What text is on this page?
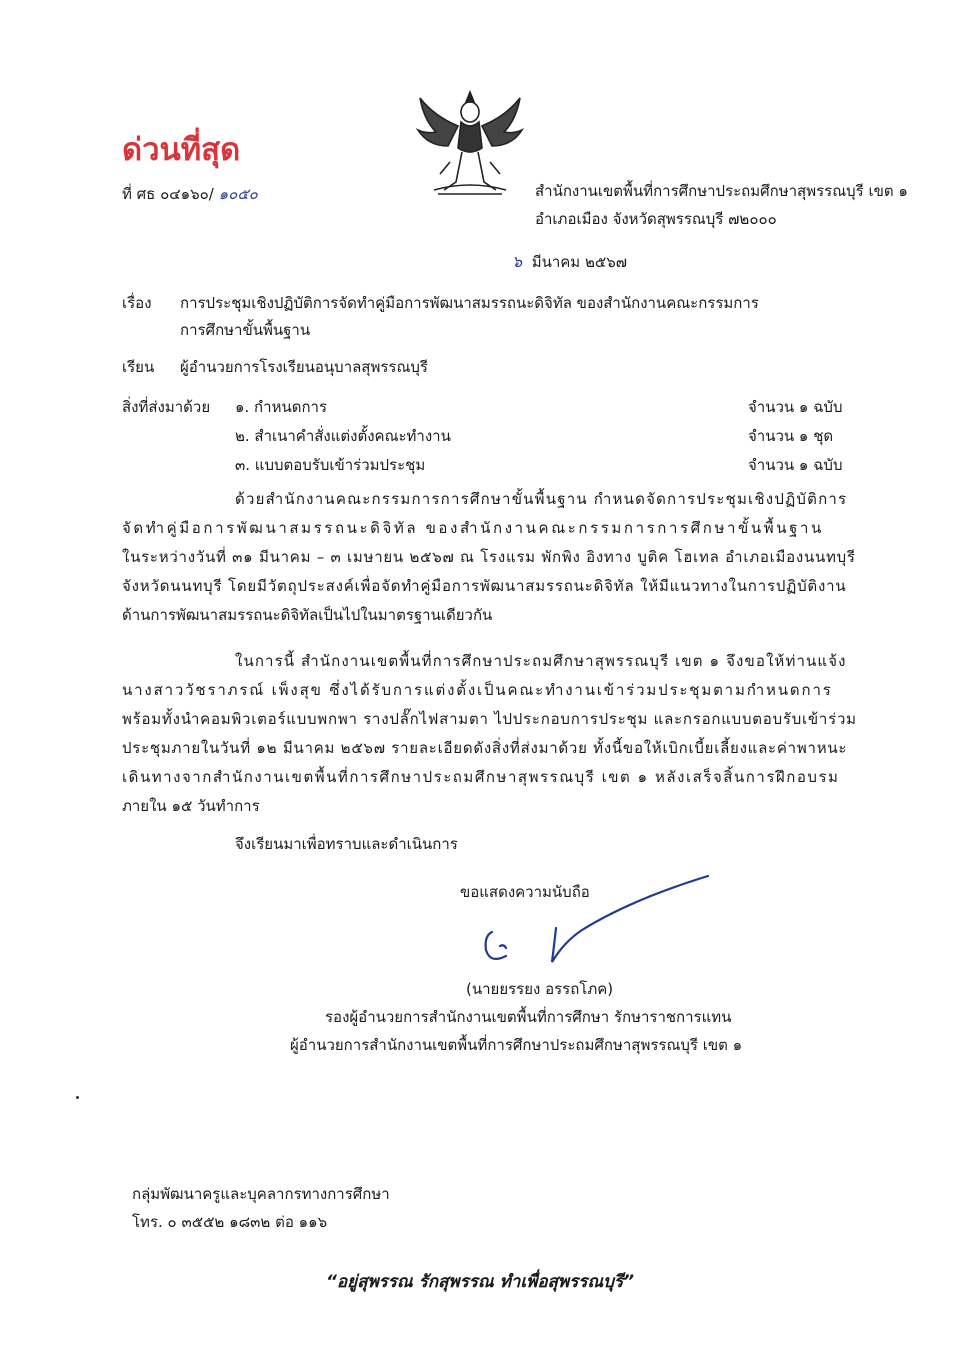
ด่วนที่สุด
ที่ ศธ ๐๔๑๖๐/ ๑๐๕๐	สำนักงานเขตพื้นที่การศึกษาประถมศึกษาสุพรรณบุรี เขต ๑
อำเภอเมือง จังหวัดสุพรรณบุรี ๗๒๐๐๐
๖ มีนาคม ๒๕๖๗
เรื่อง การประชุมเชิงปฏิบัติการจัดทำคู่มือการพัฒนาสมรรถนะดิจิทัล ของสำนักงานคณะกรรมการ
การศึกษาขั้นพื้นฐาน
เรียน ผู้อำนวยการโรงเรียนอนุบาลสุพรรณบุรี
สิ่งที่ส่งมาด้วย ๑. กำหนดการ	จำนวน ๑ ฉบับ
๒. สำเนาคำสั่งแต่งตั้งคณะทำงาน	จำนวน ๑ ชุด
๓. แบบตอบรับเข้าร่วมประชุม	จำนวน ๑ ฉบับ
ด้วยสำนักงานคณะกรรมการการศึกษาขั้นพื้นฐาน กำหนดจัดการประชุมเชิงปฏิบัติการ
จัดทำคู่มือการพัฒนาสมรรถนะดิจิทัล ของสำนักงานคณะกรรมการการศึกษาขั้นพื้นฐาน
ในระหว่างวันที่ ๓๑ มีนาคม – ๓ เมษายน ๒๕๖๗ ณ โรงแรม พักพิง อิงทาง บูติค โฮเทล อำเภอเมืองนนทบุรี
จังหวัดนนทบุรี โดยมีวัตถุประสงค์เพื่อจัดทำคู่มือการพัฒนาสมรรถนะดิจิทัล ให้มีแนวทางในการปฏิบัติงาน
ด้านการพัฒนาสมรรถนะดิจิทัลเป็นไปในมาตรฐานเดียวกัน
ในการนี้ สำนักงานเขตพื้นที่การศึกษาประถมศึกษาสุพรรณบุรี เขต ๑ จึงขอให้ท่านแจ้ง
นางสาววัชราภรณ์ เพ็งสุข ซึ่งได้รับการแต่งตั้งเป็นคณะทำงานเข้าร่วมประชุมตามกำหนดการ
พร้อมทั้งนำคอมพิวเตอร์แบบพกพา รางปลั๊กไฟสามตา ไปประกอบการประชุม และกรอกแบบตอบรับเข้าร่วม
ประชุมภายในวันที่ ๑๒ มีนาคม ๒๕๖๗ รายละเอียดดังสิ่งที่ส่งมาด้วย ทั้งนี้ขอให้เบิกเบี้ยเลี้ยงและค่าพาหนะ
เดินทางจากสำนักงานเขตพื้นที่การศึกษาประถมศึกษาสุพรรณบุรี เขต ๑ หลังเสร็จสิ้นการฝึกอบรม
ภายใน ๑๕ วันทำการ
จึงเรียนมาเพื่อทราบและดำเนินการ
ขอแสดงความนับถือ
(นายยรรยง อรรถโภค)
รองผู้อำนวยการสำนักงานเขตพื้นที่การศึกษา รักษาราชการแทน
ผู้อำนวยการสำนักงานเขตพื้นที่การศึกษาประถมศึกษาสุพรรณบุรี เขต ๑
กลุ่มพัฒนาครูและบุคลากรทางการศึกษา
โทร. ๐ ๓๕๕๒ ๑๘๓๒ ต่อ ๑๑๖
“อยู่สุพรรณ รักสุพรรณ ทำเพื่อสุพรรณบุรี”
